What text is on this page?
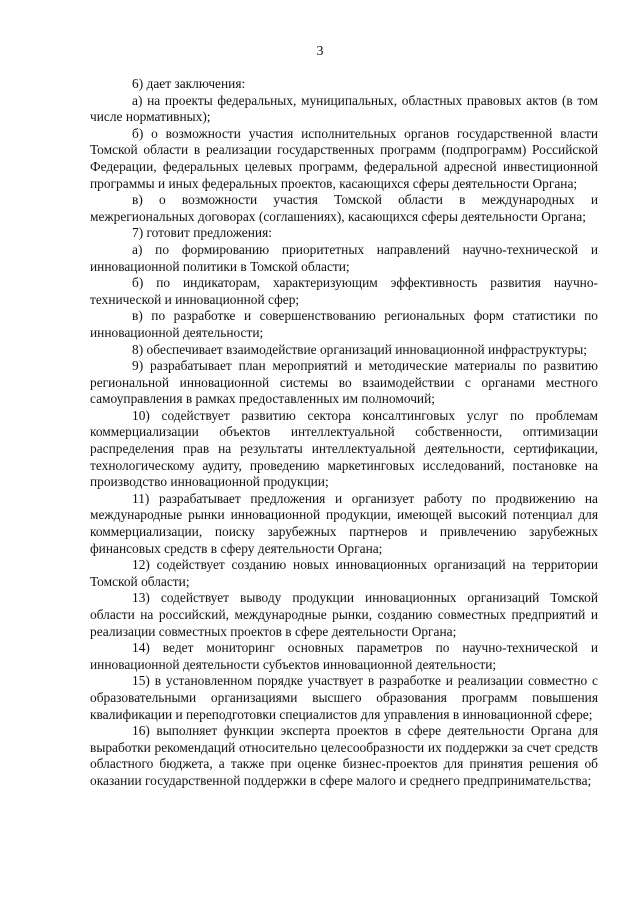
3

6) дает заключения:

а) на проекты федеральных, муниципальных, областных правовых актов (в том числе нормативных);

б) о возможности участия исполнительных органов государственной власти Томской области в реализации государственных программ (подпрограмм) Российской Федерации, федеральных целевых программ, федеральной адресной инвестиционной программы и иных федеральных проектов, касающихся сферы деятельности Органа;

в) о возможности участия Томской области в международных и межрегиональных договорах (соглашениях), касающихся сферы деятельности Органа;

7) готовит предложения:

а) по формированию приоритетных направлений научно-технической и инновационной политики в Томской области;

б) по индикаторам, характеризующим эффективность развития научно-технической и инновационной сфер;

в) по разработке и совершенствованию региональных форм статистики по инновационной деятельности;

8) обеспечивает взаимодействие организаций инновационной инфраструктуры;

9) разрабатывает план мероприятий и методические материалы по развитию региональной инновационной системы во взаимодействии с органами местного самоуправления в рамках предоставленных им полномочий;

10) содействует развитию сектора консалтинговых услуг по проблемам коммерциализации объектов интеллектуальной собственности, оптимизации распределения прав на результаты интеллектуальной деятельности, сертификации, технологическому аудиту, проведению маркетинговых исследований, постановке на производство инновационной продукции;

11) разрабатывает предложения и организует работу по продвижению на международные рынки инновационной продукции, имеющей высокий потенциал для коммерциализации, поиску зарубежных партнеров и привлечению зарубежных финансовых средств в сферу деятельности Органа;

12) содействует созданию новых инновационных организаций на территории Томской области;

13) содействует выводу продукции инновационных организаций Томской области на российский, международные рынки, созданию совместных предприятий и реализации совместных проектов в сфере деятельности Органа;

14) ведет мониторинг основных параметров по научно-технической и инновационной деятельности субъектов инновационной деятельности;

15) в установленном порядке участвует в разработке и реализации совместно с образовательными организациями высшего образования программ повышения квалификации и переподготовки специалистов для управления в инновационной сфере;

16) выполняет функции эксперта проектов в сфере деятельности Органа для выработки рекомендаций относительно целесообразности их поддержки за счет средств областного бюджета, а также при оценке бизнес-проектов для принятия решения об оказании государственной поддержки в сфере малого и среднего предпринимательства;
